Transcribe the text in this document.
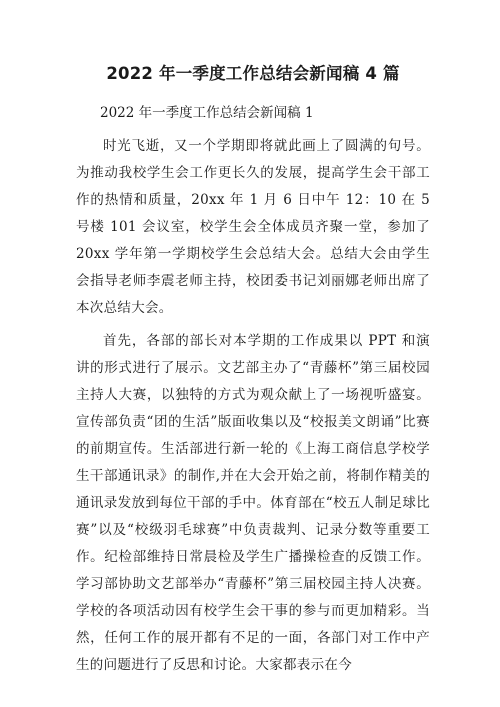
2022 年一季度工作总结会新闻稿 4 篇
2022 年一季度工作总结会新闻稿 1

时光飞逝，又一个学期即将就此画上了圆满的句号。为推动我校学生会工作更长久的发展，提高学生会干部工作的热情和质量，20xx 年 1 月 6 日中午 12：10 在 5 号楼 101 会议室，校学生会全体成员齐聚一堂，参加了 20xx 学年第一学期校学生会总结大会。总结大会由学生会指导老师李震老师主持，校团委书记刘丽娜老师出席了本次总结大会。

首先，各部的部长对本学期的工作成果以 PPT 和演讲的形式进行了展示。文艺部主办了“青藤杯”第三届校园主持人大赛，以独特的方式为观众献上了一场视听盛宴。宣传部负责“团的生活”版面收集以及“校报美文朗诵”比赛的前期宣传。生活部进行新一轮的《上海工商信息学校学生干部通讯录》的制作,并在大会开始之前，将制作精美的通讯录发放到每位干部的手中。体育部在“校五人制足球比赛”以及“校级羽毛球赛”中负责裁判、记录分数等重要工作。纪检部维持日常晨检及学生广播操检查的反馈工作。学习部协助文艺部举办“青藤杯”第三届校园主持人决赛。学校的各项活动因有校学生会干事的参与而更加精彩。当然，任何工作的展开都有不足的一面，各部门对工作中产生的问题进行了反思和讨论。大家都表示在今
